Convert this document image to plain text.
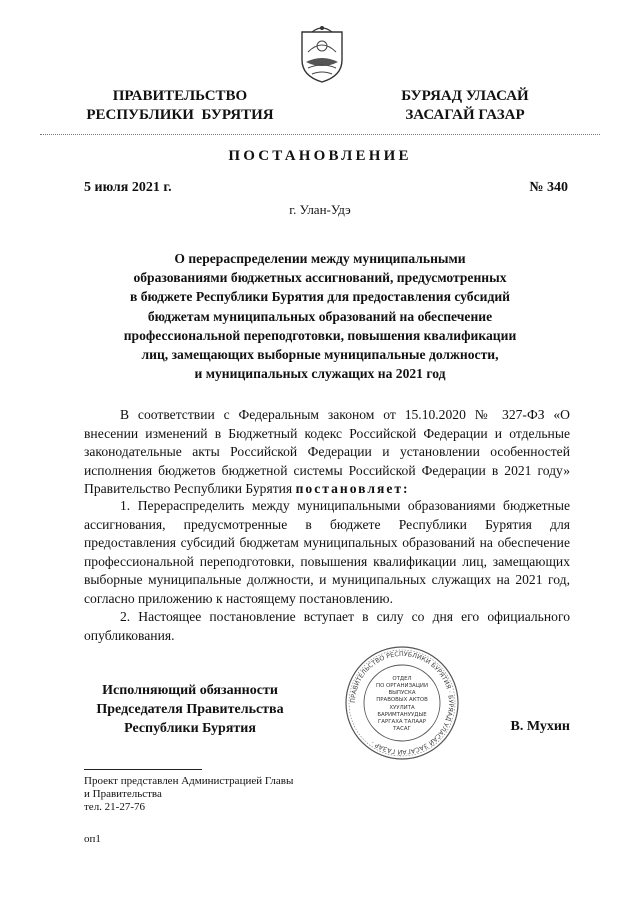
ПРАВИТЕЛЬСТВО
РЕСПУБЛИКИ  БУРЯТИЯ
БУРЯАД УЛАСАЙ
ЗАСАГАЙ ГАЗАР
ПОСТАНОВЛЕНИЕ
5 июля 2021 г.	№ 340
г. Улан-Удэ
О перераспределении между муниципальными
образованиями бюджетных ассигнований, предусмотренных
в бюджете Республики Бурятия для предоставления субсидий
бюджетам муниципальных образований на обеспечение
профессиональной переподготовки, повышения квалификации
лиц, замещающих выборные муниципальные должности,
и муниципальных служащих на 2021 год
В соответствии с Федеральным законом от 15.10.2020 № 327-ФЗ «О внесении изменений в Бюджетный кодекс Российской Федерации и отдельные законодательные акты Российской Федерации и установлении особенностей исполнения бюджетов бюджетной системы Российской Федерации в 2021 году» Правительство Республики Бурятия постановляет:
1. Перераспределить между муниципальными образованиями бюджетные ассигнования, предусмотренные в бюджете Республики Бурятия для предоставления субсидий бюджетам муниципальных образований на обеспечение профессиональной переподготовки, повышения квалификации лиц, замещающих выборные муниципальные должности, и муниципальных служащих на 2021 год, согласно приложению к настоящему постановлению.
2. Настоящее постановление вступает в силу со дня его официального опубликования.
Исполняющий обязанности
Председателя Правительства
Республики Бурятия	В. Мухин
ПРАВИТЕЛЬСТВО РЕСПУБЛИКИ БУРЯТИЯ · БУРЯАД УЛАСАЙ ЗАСАГАЙ ГАЗАР ·
ОТДЕЛ
ПО ОРГАНИЗАЦИИ
ВЫПУСКА
ПРАВОВЫХ АКТОВ
ХУУЛИТА
БАРИМТАНУУДЫЕ
ГАРГАХА ТАЛААР
ТАСАГ
Проект представлен Администрацией Главы
и Правительства
тел. 21-27-76
оп1
